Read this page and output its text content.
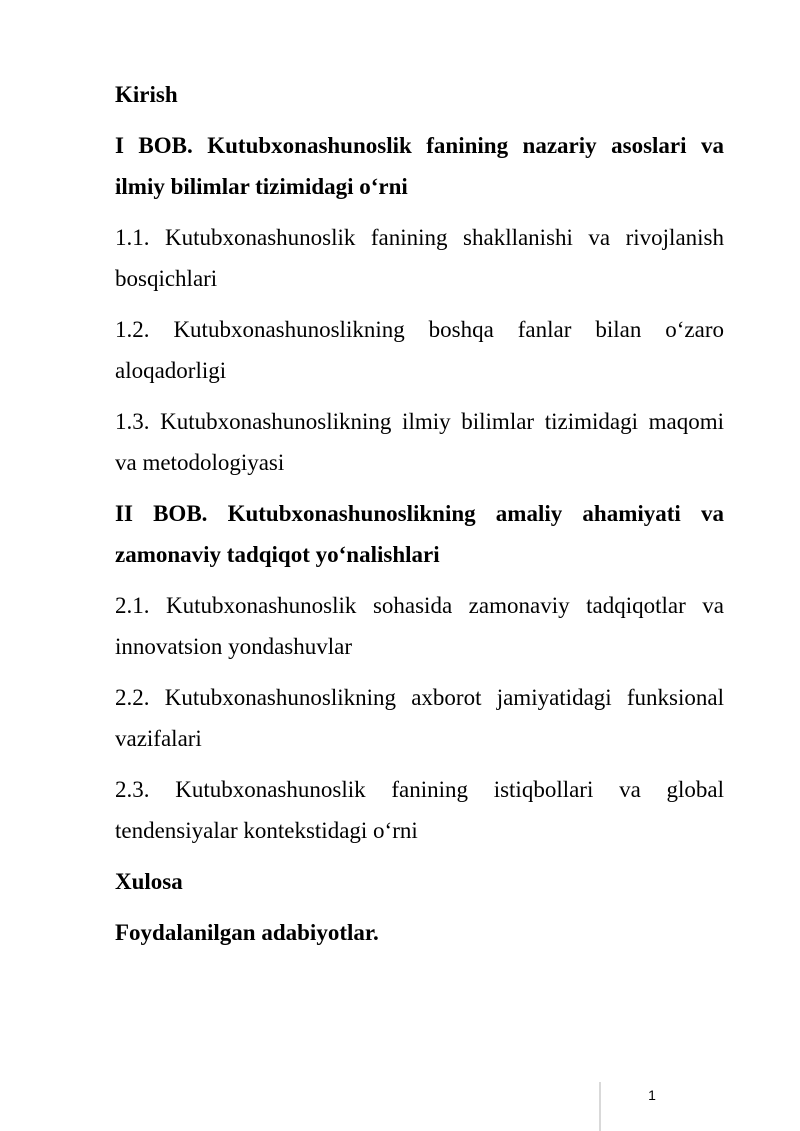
Kirish

I BOB. Kutubxonashunoslik fanining nazariy asoslari va ilmiy bilimlar tizimidagi o‘rni

1.1. Kutubxonashunoslik fanining shakllanishi va rivojlanish bosqichlari

1.2. Kutubxonashunoslikning boshqa fanlar bilan o‘zaro aloqadorligi

1.3. Kutubxonashunoslikning ilmiy bilimlar tizimidagi maqomi va metodologiyasi

II BOB. Kutubxonashunoslikning amaliy ahamiyati va zamonaviy tadqiqot yo‘nalishlari

2.1. Kutubxonashunoslik sohasida zamonaviy tadqiqotlar va innovatsion yondashuvlar

2.2. Kutubxonashunoslikning axborot jamiyatidagi funksional vazifalari

2.3. Kutubxonashunoslik fanining istiqbollari va global tendensiyalar kontekstidagi o‘rni

Xulosa

Foydalanilgan adabiyotlar.

1
